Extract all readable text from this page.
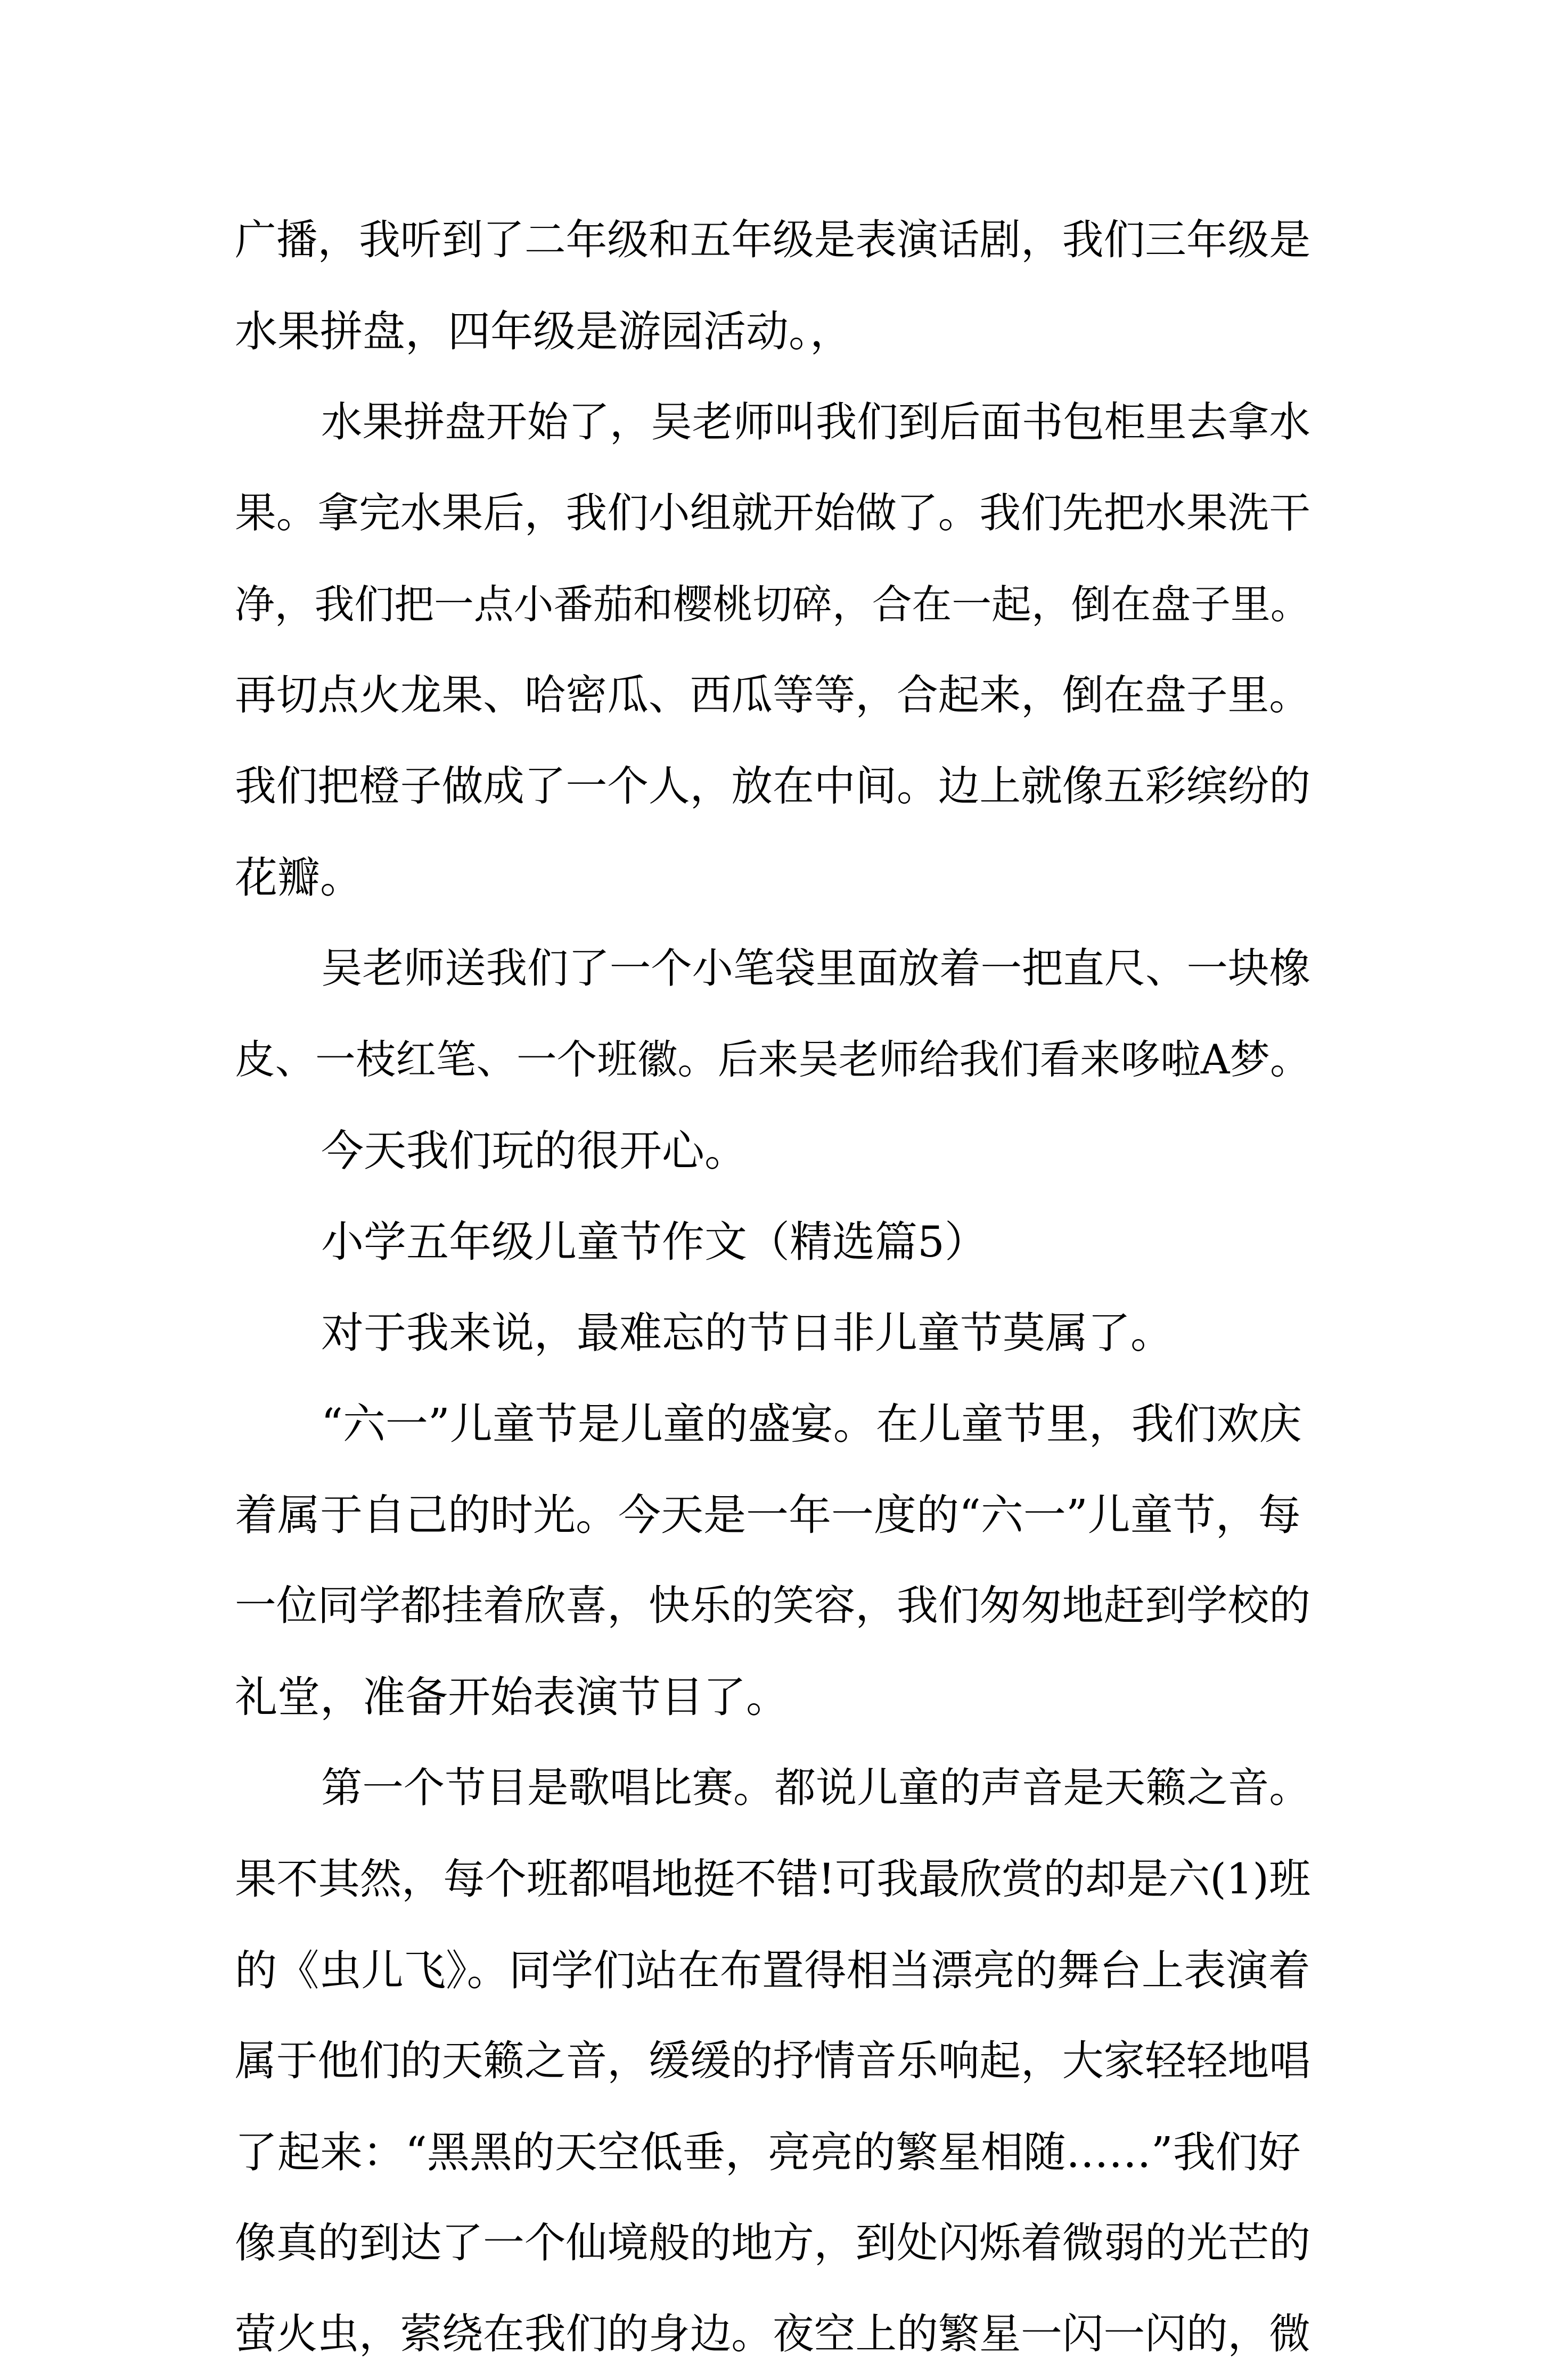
广播，我听到了二年级和五年级是表演话剧，我们三年级是
水果拼盘，四年级是游园活动。，
水果拼盘开始了，吴老师叫我们到后面书包柜里去拿水
果。拿完水果后，我们小组就开始做了。我们先把水果洗干
净，我们把一点小番茄和樱桃切碎，合在一起，倒在盘子里。
再切点火龙果、哈密瓜、西瓜等等，合起来，倒在盘子里。
我们把橙子做成了一个人，放在中间。边上就像五彩缤纷的
花瓣。
吴老师送我们了一个小笔袋里面放着一把直尺、一块橡
皮、一枝红笔、一个班徽。后来吴老师给我们看来哆啦A梦。
今天我们玩的很开心。
小学五年级儿童节作文（精选篇5）
对于我来说，最难忘的节日非儿童节莫属了。
“六一”儿童节是儿童的盛宴。在儿童节里，我们欢庆
着属于自己的时光。今天是一年一度的“六一”儿童节，每
一位同学都挂着欣喜，快乐的笑容，我们匆匆地赶到学校的
礼堂，准备开始表演节目了。
第一个节目是歌唱比赛。都说儿童的声音是天籁之音。
果不其然，每个班都唱地挺不错!可我最欣赏的却是六(1)班
的《虫儿飞》。同学们站在布置得相当漂亮的舞台上表演着
属于他们的天籁之音，缓缓的抒情音乐响起，大家轻轻地唱
了起来：“黑黑的天空低垂，亮亮的繁星相随……”我们好
像真的到达了一个仙境般的地方，到处闪烁着微弱的光芒的
萤火虫，萦绕在我们的身边。夜空上的繁星一闪一闪的，微
